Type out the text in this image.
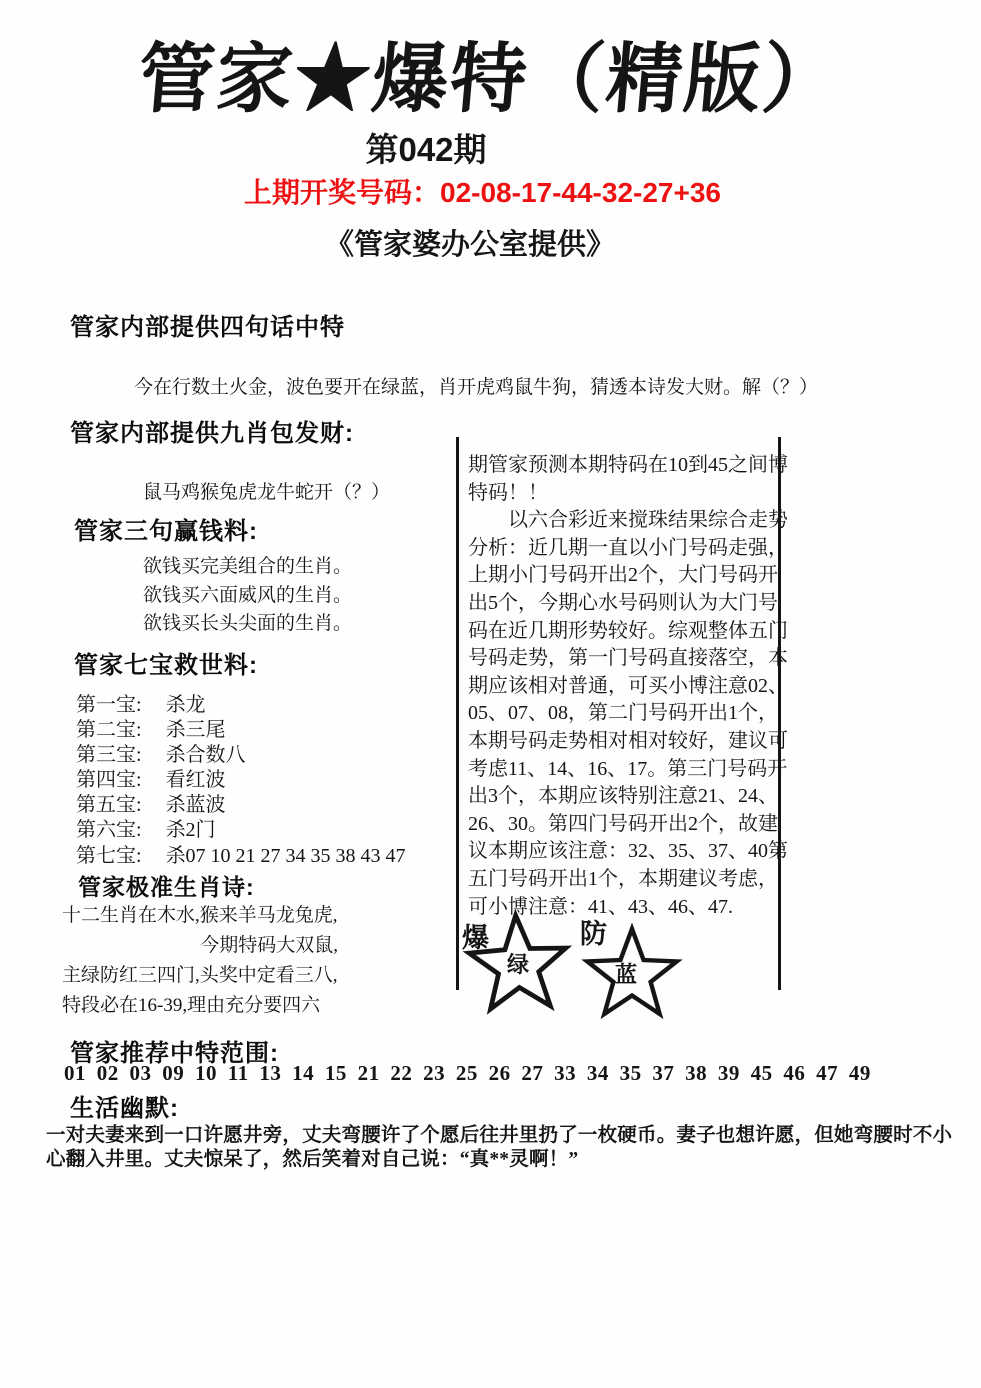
管家★爆特（精版）
第042期
上期开奖号码：02-08-17-44-32-27+36
《管家婆办公室提供》
管家内部提供四句话中特
今在行数土火金，波色要开在绿蓝，肖开虎鸡鼠牛狗，猜透本诗发大财。解（？）
管家内部提供九肖包发财:
鼠马鸡猴兔虎龙牛蛇开（？）
管家三句赢钱料:
欲钱买完美组合的生肖。
欲钱买六面威风的生肖。
欲钱买长头尖面的生肖。
管家七宝救世料:
第一宝: 杀龙
第二宝: 杀三尾
第三宝: 杀合数八
第四宝: 看红波
第五宝: 杀蓝波
第六宝: 杀2门
第七宝: 杀07 10 21 27 34 35 38 43 47
管家极准生肖诗:
十二生肖在木水,猴来羊马龙兔虎,
今期特码大双鼠,
主绿防红三四门,头奖中定看三八,
特段必在16-39,理由充分要四六
期管家预测本期特码在10到45之间博
特码！！
　　以六合彩近来搅珠结果综合走势
分析：近几期一直以小门号码走强，
上期小门号码开出2个，大门号码开
出5个，今期心水号码则认为大门号
码在近几期形势较好。综观整体五门
号码走势，第一门号码直接落空，本
期应该相对普通，可买小博注意02、
05、07、08，第二门号码开出1个，
本期号码走势相对相对较好，建议可
考虑11、14、16、17。第三门号码开
出3个，本期应该特别注意21、24、
26、30。第四门号码开出2个，故建
议本期应该注意：32、35、37、40第
五门号码开出1个，本期建议考虑，
可小博注意：41、43、46、47.
爆	防
绿	蓝
管家推荐中特范围:
01 02 03 09 10 11 13 14 15 21 22 23 25 26 27 33 34 35 37 38 39 45 46 47 49
生活幽默:
一对夫妻来到一口许愿井旁，丈夫弯腰许了个愿后往井里扔了一枚硬币。妻子也想许愿，但她弯腰时不小心翻入井里。丈夫惊呆了，然后笑着对自己说：“真**灵啊！”
